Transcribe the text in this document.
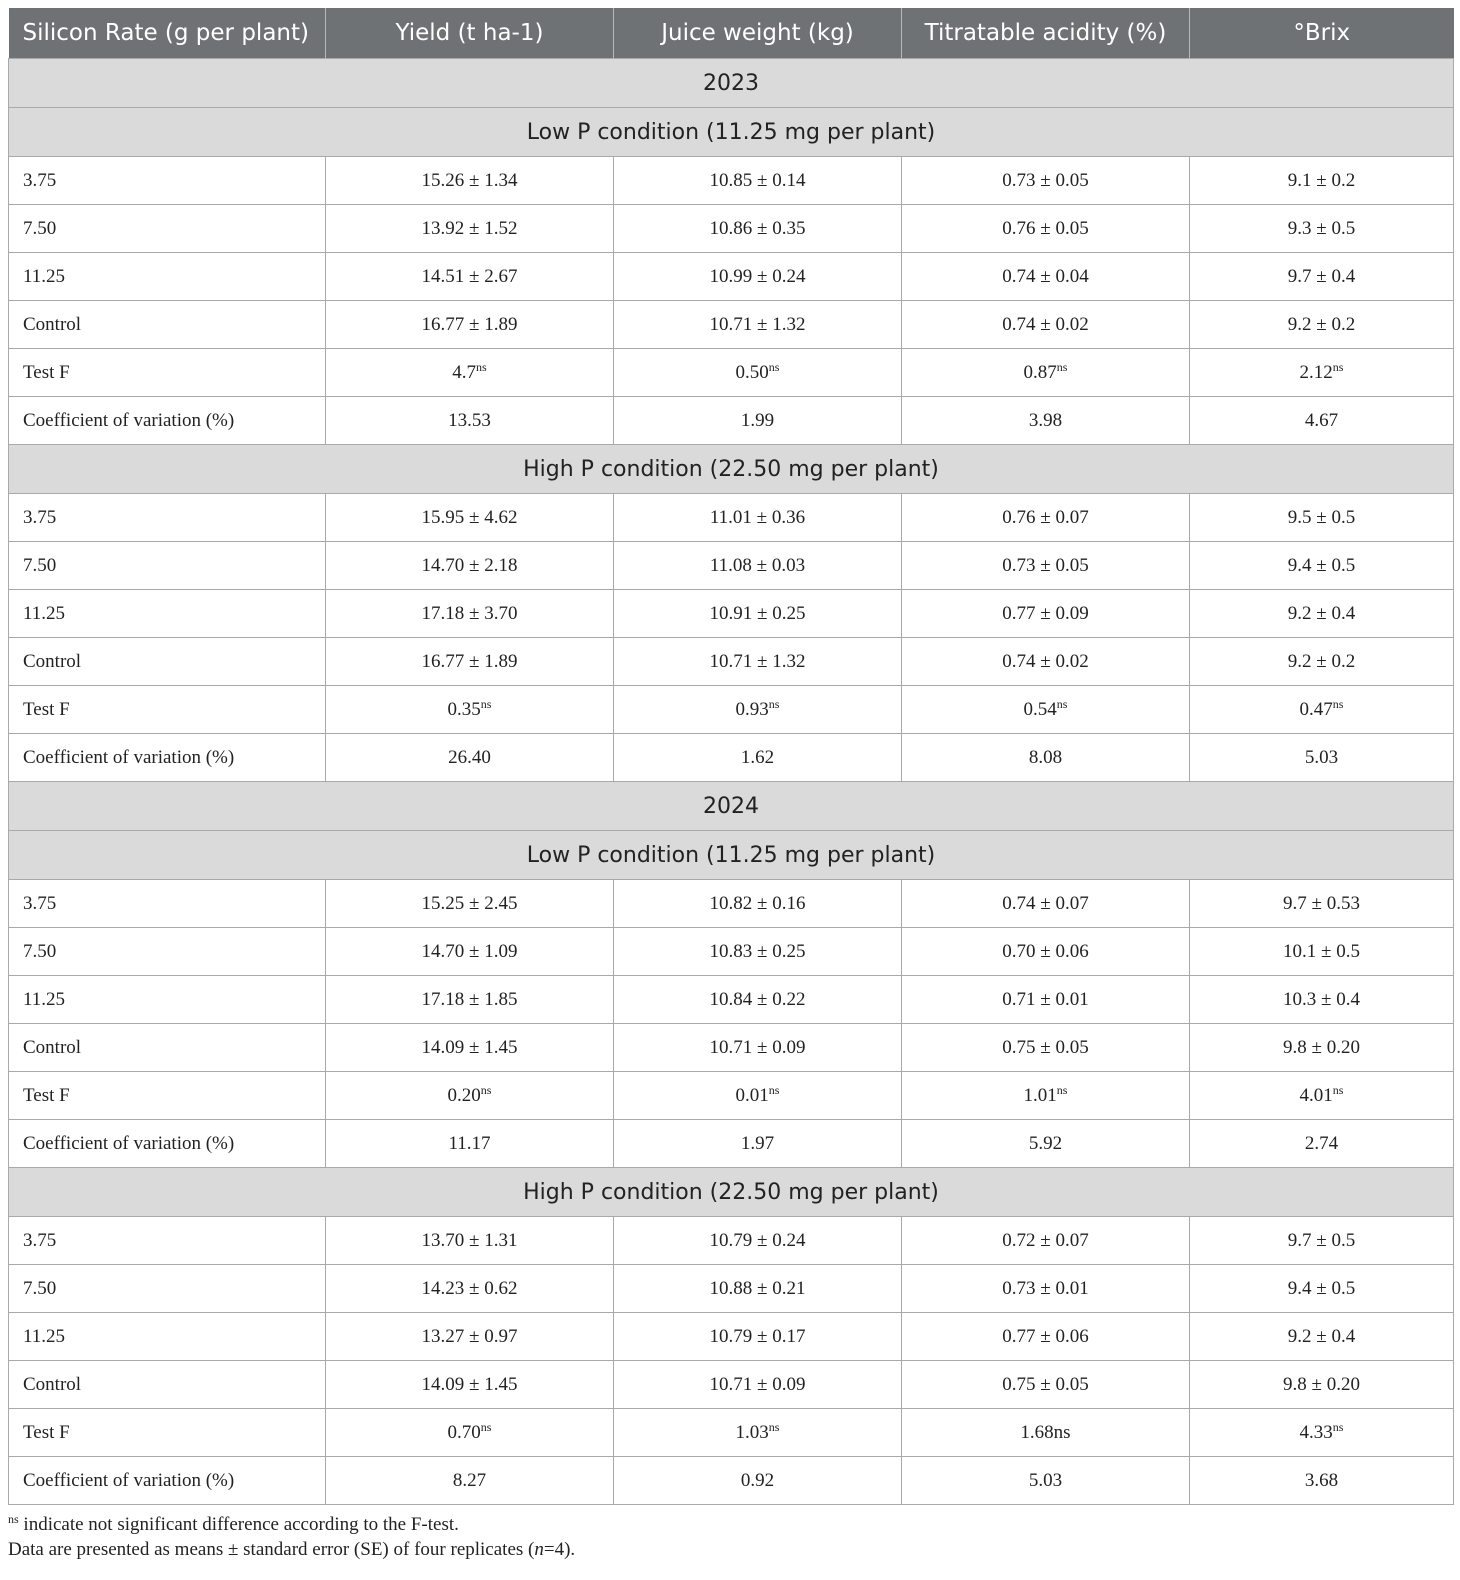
Silicon Rate (g per plant)	Yield (t ha-1)	Juice weight (kg)	Titratable acidity (%)	°Brix
2023				
Low P condition (11.25 mg per plant)				
3.75	15.26 ± 1.34	10.85 ± 0.14	0.73 ± 0.05	9.1 ± 0.2
7.50	13.92 ± 1.52	10.86 ± 0.35	0.76 ± 0.05	9.3 ± 0.5
11.25	14.51 ± 2.67	10.99 ± 0.24	0.74 ± 0.04	9.7 ± 0.4
Control	16.77 ± 1.89	10.71 ± 1.32	0.74 ± 0.02	9.2 ± 0.2
Test F	$4.7^{ns}$	$0.50^{ns}$	$0.87^{ns}$	$2.12^{ns}$
Coefficient of variation (%)	13.53	1.99	3.98	4.67
High P condition (22.50 mg per plant)				
3.75	15.95 ± 4.62	11.01 ± 0.36	0.76 ± 0.07	9.5 ± 0.5
7.50	14.70 ± 2.18	11.08 ± 0.03	0.73 ± 0.05	9.4 ± 0.5
11.25	17.18 ± 3.70	10.91 ± 0.25	0.77 ± 0.09	9.2 ± 0.4
Control	16.77 ± 1.89	10.71 ± 1.32	0.74 ± 0.02	9.2 ± 0.2
Test F	$0.35^{ns}$	$0.93^{ns}$	$0.54^{ns}$	$0.47^{ns}$
Coefficient of variation (%)	26.40	1.62	8.08	5.03
2024				
Low P condition (11.25 mg per plant)				
3.75	15.25 ± 2.45	10.82 ± 0.16	0.74 ± 0.07	9.7 ± 0.53
7.50	14.70 ± 1.09	10.83 ± 0.25	0.70 ± 0.06	10.1 ± 0.5
11.25	17.18 ± 1.85	10.84 ± 0.22	0.71 ± 0.01	10.3 ± 0.4
Control	14.09 ± 1.45	10.71 ± 0.09	0.75 ± 0.05	9.8 ± 0.20
Test F	$0.20^{ns}$	$0.01^{ns}$	$1.01^{ns}$	$4.01^{ns}$
Coefficient of variation (%)	11.17	1.97	5.92	2.74
High P condition (22.50 mg per plant)				
3.75	13.70 ± 1.31	10.79 ± 0.24	0.72 ± 0.07	9.7 ± 0.5
7.50	14.23 ± 0.62	10.88 ± 0.21	0.73 ± 0.01	9.4 ± 0.5
11.25	13.27 ± 0.97	10.79 ± 0.17	0.77 ± 0.06	9.2 ± 0.4
Control	14.09 ± 1.45	10.71 ± 0.09	0.75 ± 0.05	9.8 ± 0.20
Test F	$0.70^{ns}$	$1.03^{ns}$	1.68ns	$4.33^{ns}$
Coefficient of variation (%)	8.27	0.92	5.03	3.68
$^{ns}$ indicate not significant difference according to the F-test.
Data are presented as means ± standard error (SE) of four replicates (n=4).
